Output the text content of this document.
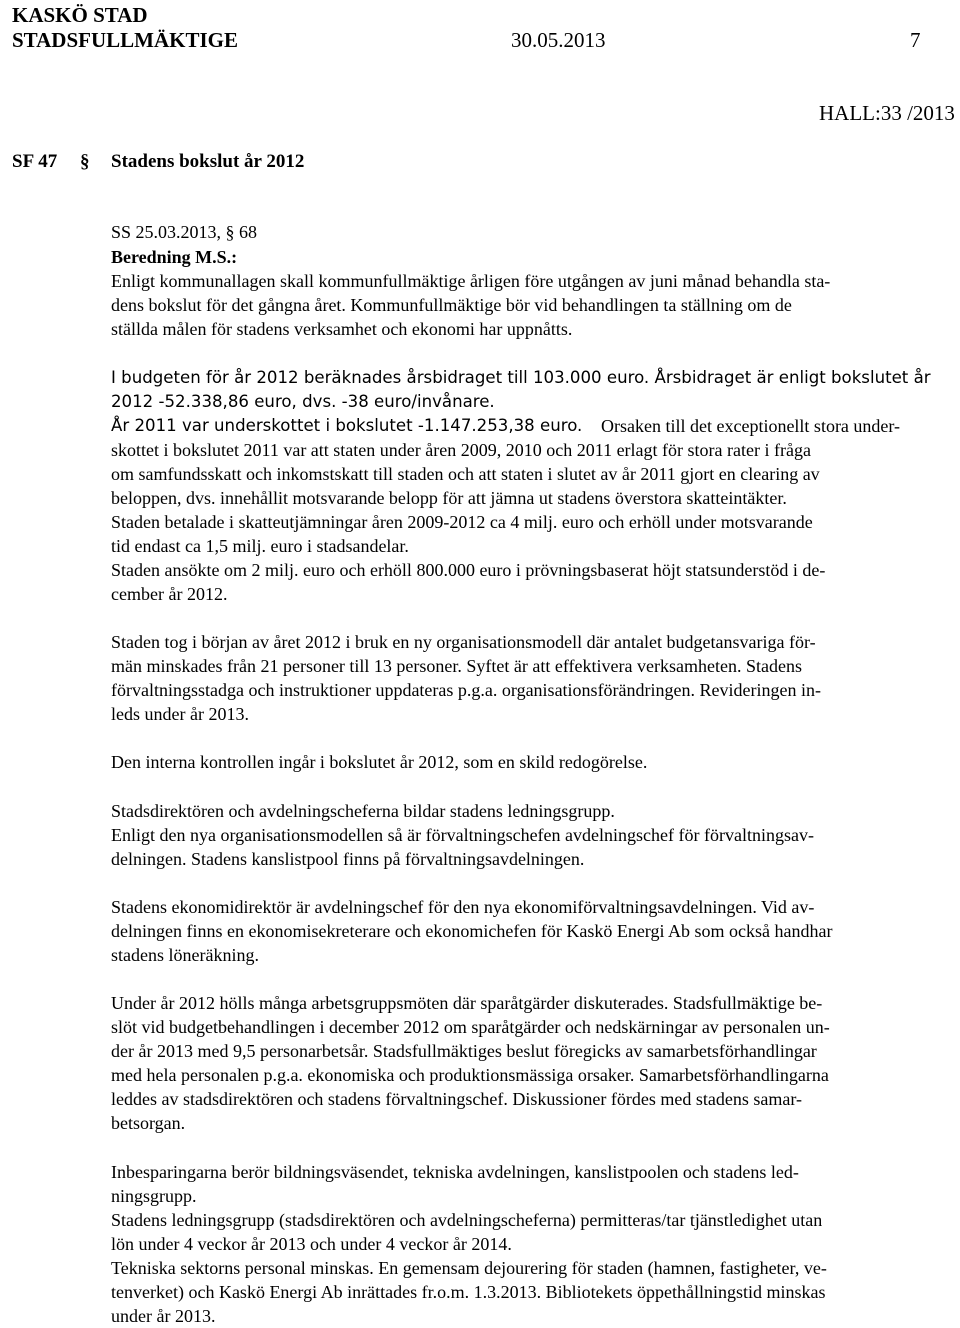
KASKÖ STAD
STADSFULLMÄKTIGE	30.05.2013	7
HALL:33 /2013
SF 47 § Stadens bokslut år 2012
SS 25.03.2013, § 68
Beredning M.S.:
Enligt kommunallagen skall kommunfullmäktige årligen före utgången av juni månad behandla sta-
dens bokslut för det gångna året. Kommunfullmäktige bör vid behandlingen ta ställning om de
ställda målen för stadens verksamhet och ekonomi har uppnåtts.
I budgeten för år 2012 beräknades årsbidraget till 103.000 euro. Årsbidraget är enligt bokslutet år
2012 -52.338,86 euro, dvs. -38 euro/invånare.
År 2011 var underskottet i bokslutet -1.147.253,38 euro. Orsaken till det exceptionellt stora under-
skottet i bokslutet 2011 var att staten under åren 2009, 2010 och 2011 erlagt för stora rater i fråga
om samfundsskatt och inkomstskatt till staden och att staten i slutet av år 2011 gjort en clearing av
beloppen, dvs. innehållit motsvarande belopp för att jämna ut stadens överstora skatteintäkter.
Staden betalade i skatteutjämningar åren 2009-2012 ca 4 milj. euro och erhöll under motsvarande
tid endast ca 1,5 milj. euro i stadsandelar.
Staden ansökte om 2 milj. euro och erhöll 800.000 euro i prövningsbaserat höjt statsunderstöd i de-
cember år 2012.
Staden tog i början av året 2012 i bruk en ny organisationsmodell där antalet budgetansvariga för-
män minskades från 21 personer till 13 personer. Syftet är att effektivera verksamheten. Stadens
förvaltningsstadga och instruktioner uppdateras p.g.a. organisationsförändringen. Revideringen in-
leds under år 2013.
Den interna kontrollen ingår i bokslutet år 2012, som en skild redogörelse.
Stadsdirektören och avdelningscheferna bildar stadens ledningsgrupp.
Enligt den nya organisationsmodellen så är förvaltningschefen avdelningschef för förvaltningsav-
delningen. Stadens kanslistpool finns på förvaltningsavdelningen.
Stadens ekonomidirektör är avdelningschef för den nya ekonomiförvaltningsavdelningen. Vid av-
delningen finns en ekonomisekreterare och ekonomichefen för Kaskö Energi Ab som också handhar
stadens löneräkning.
Under år 2012 hölls många arbetsgruppsmöten där sparåtgärder diskuterades. Stadsfullmäktige be-
slöt vid budgetbehandlingen i december 2012 om sparåtgärder och nedskärningar av personalen un-
der år 2013 med 9,5 personarbetsår. Stadsfullmäktiges beslut föregicks av samarbetsförhandlingar
med hela personalen p.g.a. ekonomiska och produktionsmässiga orsaker. Samarbetsförhandlingarna
leddes av stadsdirektören och stadens förvaltningschef. Diskussioner fördes med stadens samar-
betsorgan.
Inbesparingarna berör bildningsväsendet, tekniska avdelningen, kanslistpoolen och stadens led-
ningsgrupp.
Stadens ledningsgrupp (stadsdirektören och avdelningscheferna) permitteras/tar tjänstledighet utan
lön under 4 veckor år 2013 och under 4 veckor år 2014.
Tekniska sektorns personal minskas. En gemensam dejourering för staden (hamnen, fastigheter, ve-
tenverket) och Kaskö Energi Ab inrättades fr.o.m. 1.3.2013. Bibliotekets öppethållningstid minskas
under år 2013.
